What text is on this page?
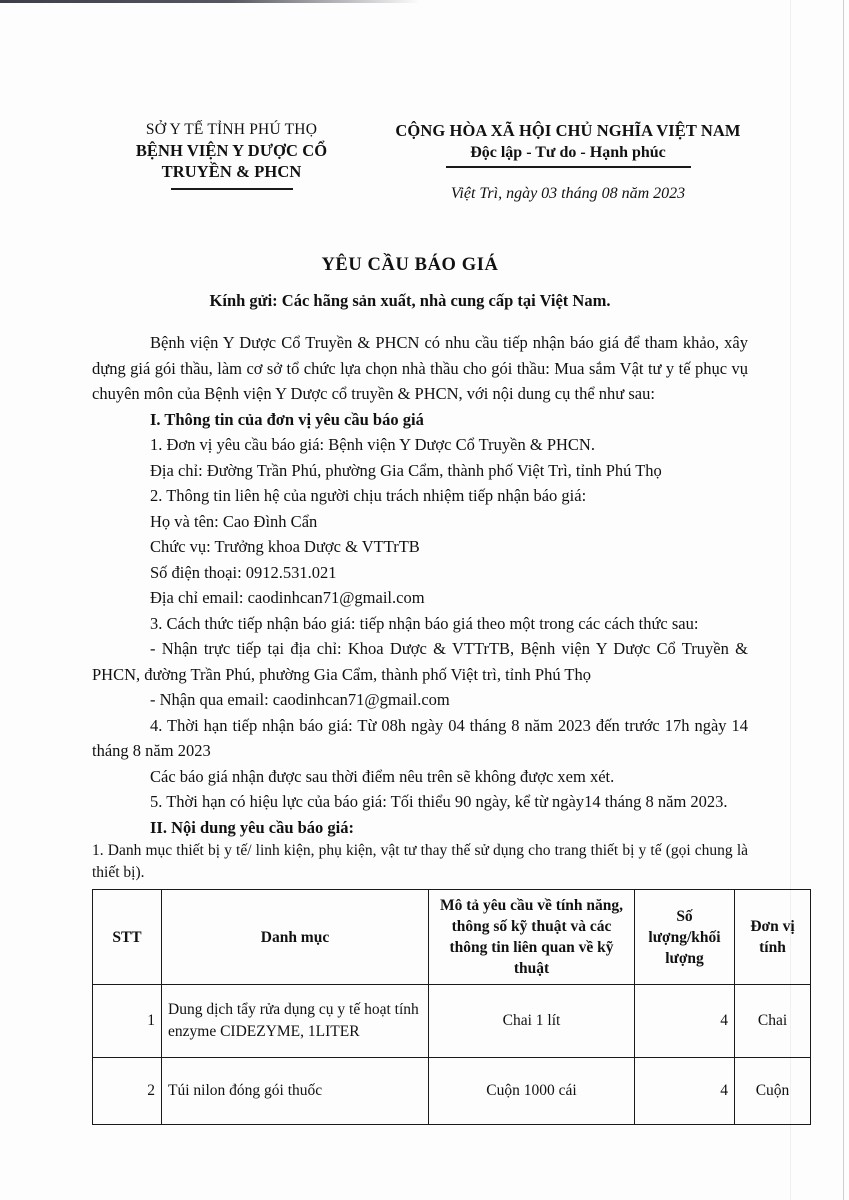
SỞ Y TẾ TỈNH PHÚ THỌ
BỆNH VIỆN Y DƯỢC CỔ
TRUYỀN & PHCN
CỘNG HÒA XÃ HỘI CHỦ NGHĨA VIỆT NAM
Độc lập - Tư do - Hạnh phúc
Việt Trì, ngày 03 tháng 08 năm 2023
YÊU CẦU BÁO GIÁ
Kính gửi: Các hãng sản xuất, nhà cung cấp tại Việt Nam.

Bệnh viện Y Dược Cổ Truyền & PHCN có nhu cầu tiếp nhận báo giá để tham khảo, xây dựng giá gói thầu, làm cơ sở tổ chức lựa chọn nhà thầu cho gói thầu: Mua sắm Vật tư y tế phục vụ chuyên môn của Bệnh viện Y Dược cổ truyền & PHCN, với nội dung cụ thể như sau:

I. Thông tin của đơn vị yêu cầu báo giá
1. Đơn vị yêu cầu báo giá: Bệnh viện Y Dược Cổ Truyền & PHCN.
Địa chỉ: Đường Trần Phú, phường Gia Cẩm, thành phố Việt Trì, tỉnh Phú Thọ
2. Thông tin liên hệ của người chịu trách nhiệm tiếp nhận báo giá:
Họ và tên: Cao Đình Cẩn
Chức vụ: Trưởng khoa Dược & VTTrTB
Số điện thoại: 0912.531.021
Địa chỉ email: caodinhcan71@gmail.com
3. Cách thức tiếp nhận báo giá: tiếp nhận báo giá theo một trong các cách thức sau:

- Nhận trực tiếp tại địa chỉ: Khoa Dược & VTTrTB, Bệnh viện Y Dược Cổ Truyền & PHCN, đường Trần Phú, phường Gia Cẩm, thành phố Việt trì, tỉnh Phú Thọ

- Nhận qua email: caodinhcan71@gmail.com

4. Thời hạn tiếp nhận báo giá: Từ 08h ngày 04 tháng 8 năm 2023 đến trước 17h ngày 14 tháng 8 năm 2023

Các báo giá nhận được sau thời điểm nêu trên sẽ không được xem xét.

5. Thời hạn có hiệu lực của báo giá: Tối thiểu 90 ngày, kể từ ngày14 tháng 8 năm 2023.

II. Nội dung yêu cầu báo giá:

1. Danh mục thiết bị y tế/ linh kiện, phụ kiện, vật tư thay thế sử dụng cho trang thiết bị y tế (gọi chung là thiết bị).

STT	Danh mục	Mô tả yêu cầu về tính năng, thông số kỹ thuật và các thông tin liên quan về kỹ thuật	Số lượng/khối lượng	Đơn vị tính
1	Dung dịch tẩy rửa dụng cụ y tế hoạt tính enzyme CIDEZYME, 1LITER	Chai 1 lít	4	Chai
2	Túi nilon đóng gói thuốc	Cuộn 1000 cái	4	Cuộn
